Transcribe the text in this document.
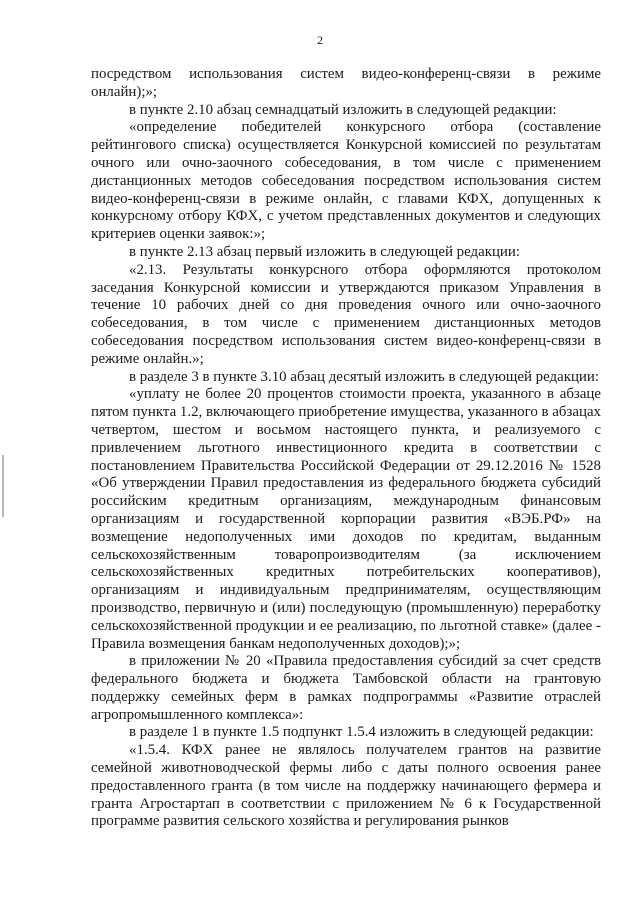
2

посредством использования систем видео-конференц-связи в режиме онлайн);»;

в пункте 2.10 абзац семнадцатый изложить в следующей редакции:

«определение победителей конкурсного отбора (составление рейтингового списка) осуществляется Конкурсной комиссией по результатам очного или очно-заочного собеседования, в том числе с применением дистанционных методов собеседования посредством использования систем видео-конференц-связи в режиме онлайн, с главами КФХ, допущенных к конкурсному отбору КФХ, с учетом представленных документов и следующих критериев оценки заявок:»;

в пункте 2.13 абзац первый изложить в следующей редакции:

«2.13. Результаты конкурсного отбора оформляются протоколом заседания Конкурсной комиссии и утверждаются приказом Управления в течение 10 рабочих дней со дня проведения очного или очно-заочного собеседования, в том числе с применением дистанционных методов собеседования посредством использования систем видео-конференц-связи в режиме онлайн.»;

в разделе 3 в пункте 3.10 абзац десятый изложить в следующей редакции:

«уплату не более 20 процентов стоимости проекта, указанного в абзаце пятом пункта 1.2, включающего приобретение имущества, указанного в абзацах четвертом, шестом и восьмом настоящего пункта, и реализуемого с привлечением льготного инвестиционного кредита в соответствии с постановлением Правительства Российской Федерации от 29.12.2016 № 1528 «Об утверждении Правил предоставления из федерального бюджета субсидий российским кредитным организациям, международным финансовым организациям и государственной корпорации развития «ВЭБ.РФ» на возмещение недополученных ими доходов по кредитам, выданным сельскохозяйственным товаропроизводителям (за исключением сельскохозяйственных кредитных потребительских кооперативов), организациям и индивидуальным предпринимателям, осуществляющим производство, первичную и (или) последующую (промышленную) переработку сельскохозяйственной продукции и ее реализацию, по льготной ставке» (далее - Правила возмещения банкам недополученных доходов);»;

в приложении № 20 «Правила предоставления субсидий за счет средств федерального бюджета и бюджета Тамбовской области на грантовую поддержку семейных ферм в рамках подпрограммы «Развитие отраслей агропромышленного комплекса»:

в разделе 1 в пункте 1.5 подпункт 1.5.4 изложить в следующей редакции:

«1.5.4. КФХ ранее не являлось получателем грантов на развитие семейной животноводческой фермы либо с даты полного освоения ранее предоставленного гранта (в том числе на поддержку начинающего фермера и гранта Агростартап в соответствии с приложением № 6 к Государственной программе развития сельского хозяйства и регулирования рынков
